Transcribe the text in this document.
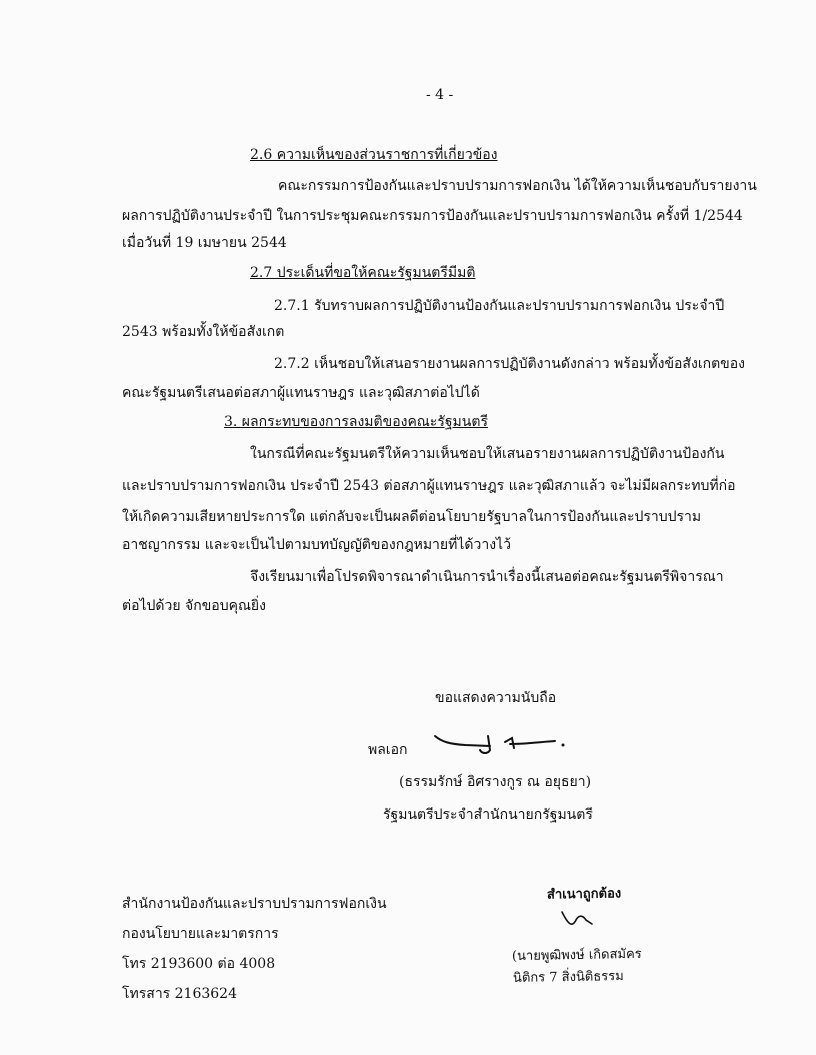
- 4 -
2.6 ความเห็นของส่วนราชการที่เกี่ยวข้อง
คณะกรรมการป้องกันและปราบปรามการฟอกเงิน ได้ให้ความเห็นชอบกับรายงาน
ผลการปฏิบัติงานประจำปี ในการประชุมคณะกรรมการป้องกันและปราบปรามการฟอกเงิน ครั้งที่ 1/2544
เมื่อวันที่ 19 เมษายน 2544
2.7 ประเด็นที่ขอให้คณะรัฐมนตรีมีมติ
2.7.1 รับทราบผลการปฏิบัติงานป้องกันและปราบปรามการฟอกเงิน ประจำปี
2543 พร้อมทั้งให้ข้อสังเกต
2.7.2 เห็นชอบให้เสนอรายงานผลการปฏิบัติงานดังกล่าว พร้อมทั้งข้อสังเกตของ
คณะรัฐมนตรีเสนอต่อสภาผู้แทนราษฎร และวุฒิสภาต่อไปได้
3. ผลกระทบของการลงมติของคณะรัฐมนตรี
ในกรณีที่คณะรัฐมนตรีให้ความเห็นชอบให้เสนอรายงานผลการปฏิบัติงานป้องกัน
และปราบปรามการฟอกเงิน ประจำปี 2543 ต่อสภาผู้แทนราษฎร และวุฒิสภาแล้ว จะไม่มีผลกระทบที่ก่อ
ให้เกิดความเสียหายประการใด แต่กลับจะเป็นผลดีต่อนโยบายรัฐบาลในการป้องกันและปราบปราม
อาชญากรรม และจะเป็นไปตามบทบัญญัติของกฎหมายที่ได้วางไว้
จึงเรียนมาเพื่อโปรดพิจารณาดำเนินการนำเรื่องนี้เสนอต่อคณะรัฐมนตรีพิจารณา
ต่อไปด้วย จักขอบคุณยิ่ง
ขอแสดงความนับถือ
พลเอก
(ธรรมรักษ์ อิศรางกูร ณ อยุธยา)
รัฐมนตรีประจำสำนักนายกรัฐมนตรี
สำนักงานป้องกันและปราบปรามการฟอกเงิน
กองนโยบายและมาตรการ
โทร 2193600 ต่อ 4008
โทรสาร 2163624
สำเนาถูกต้อง
(นายพูฒิพงษ์ เกิดสมัคร
นิติกร 7 สิ่งนิติธรรม
